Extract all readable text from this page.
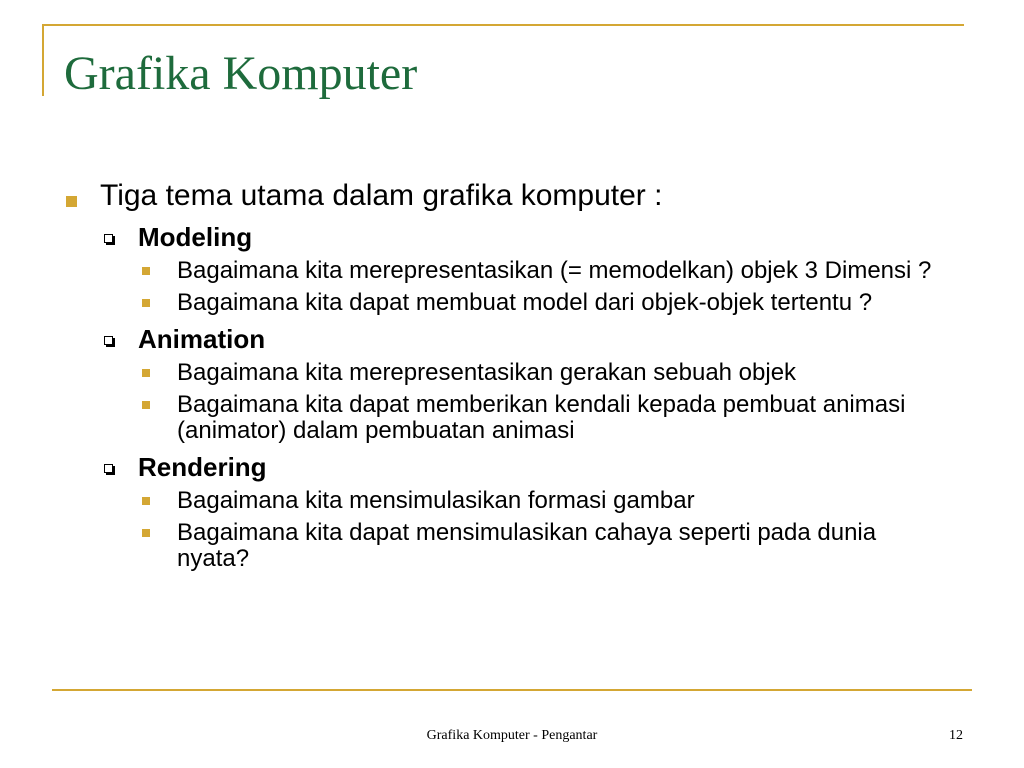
Grafika Komputer
Tiga tema utama dalam grafika komputer :
Modeling
Bagaimana kita merepresentasikan (= memodelkan) objek 3 Dimensi ?
Bagaimana kita dapat membuat model dari objek-objek tertentu ?
Animation
Bagaimana kita merepresentasikan gerakan sebuah objek
Bagaimana kita dapat memberikan kendali kepada pembuat animasi (animator) dalam pembuatan animasi
Rendering
Bagaimana kita mensimulasikan formasi gambar
Bagaimana kita dapat mensimulasikan cahaya seperti pada dunia nyata?
Grafika Komputer - Pengantar	12
